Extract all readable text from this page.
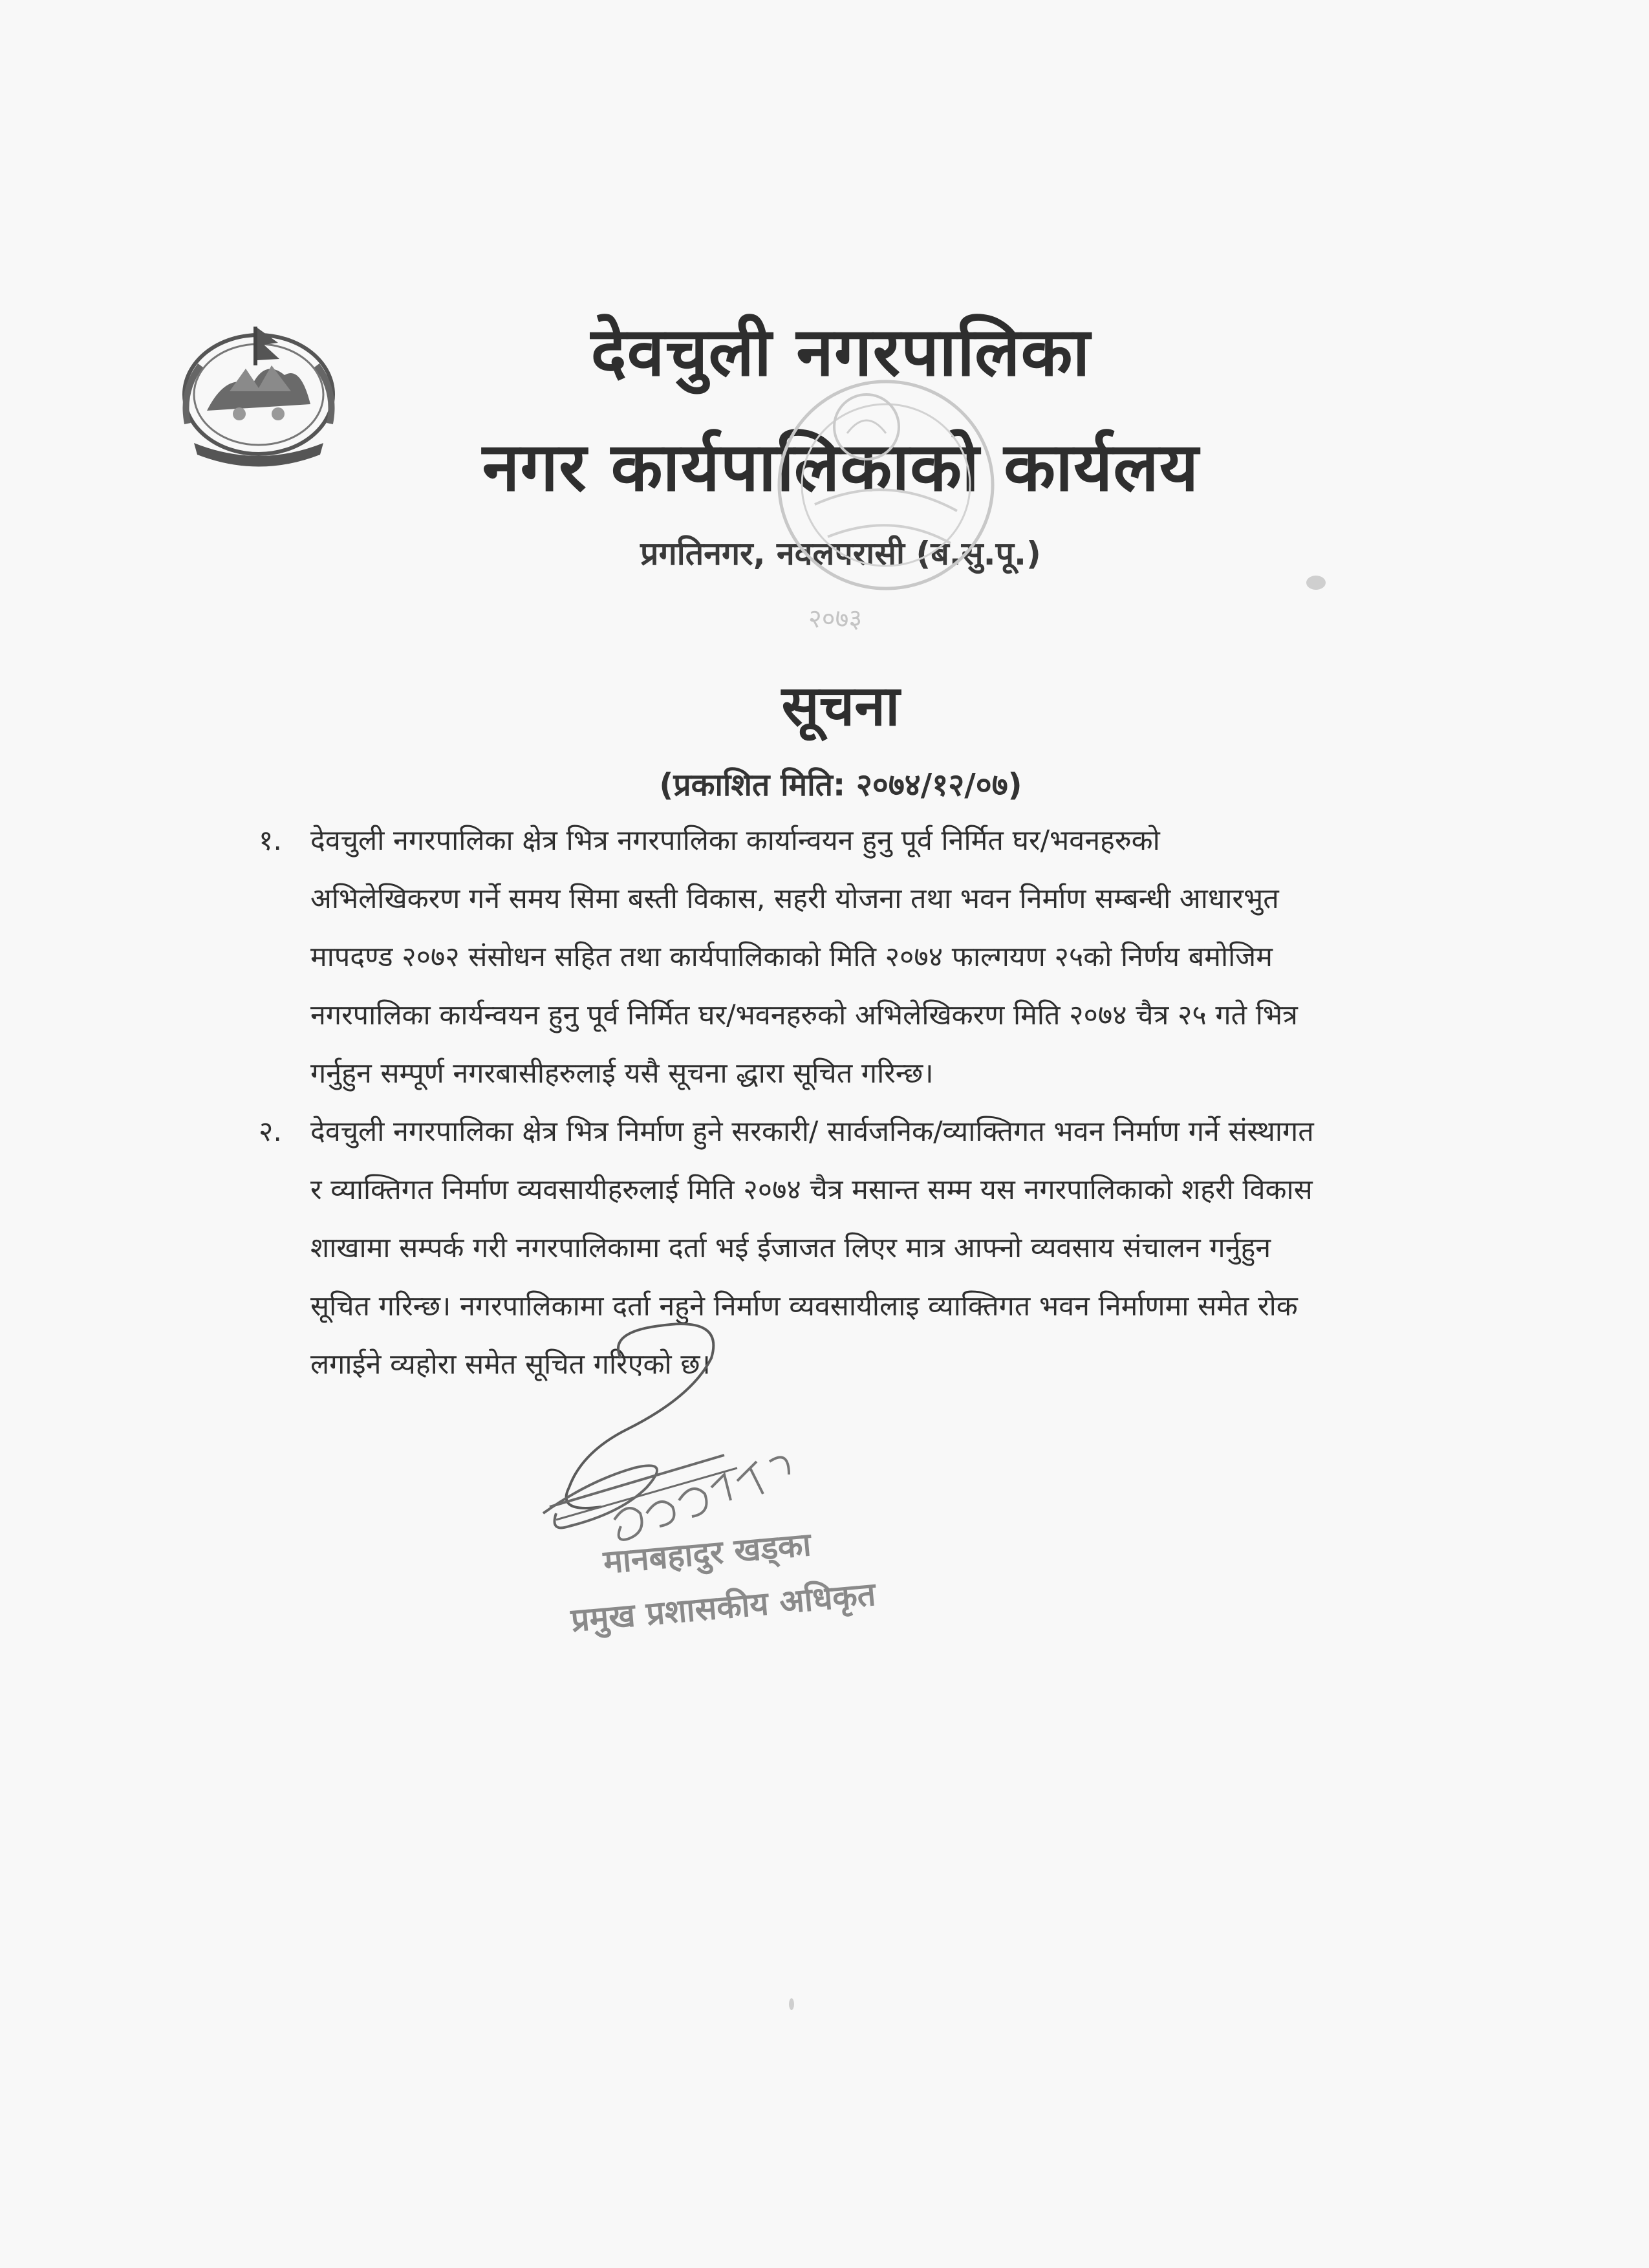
देवचुली नगरपालिका
नगर कार्यपालिकाको कार्यलय
प्रगतिनगर, नवलपरासी (ब.सु.पू.)
२०७३
सूचना
(प्रकाशित मिति: २०७४/१२/०७)
१. देवचुली नगरपालिका क्षेत्र भित्र नगरपालिका कार्यान्वयन हुनु पूर्व निर्मित घर/भवनहरुको
अभिलेखिकरण गर्ने समय सिमा बस्ती विकास, सहरी योजना तथा भवन निर्माण सम्बन्धी आधारभुत
मापदण्ड २०७२ संसोधन सहित तथा कार्यपालिकाको मिति २०७४ फाल्गयण २५को निर्णय बमोजिम
नगरपालिका कार्यन्वयन हुनु पूर्व निर्मित घर/भवनहरुको अभिलेखिकरण मिति २०७४ चैत्र २५ गते भित्र
गर्नुहुन सम्पूर्ण नगरबासीहरुलाई यसै सूचना द्धारा सूचित गरिन्छ।
२. देवचुली नगरपालिका क्षेत्र भित्र निर्माण हुने सरकारी/ सार्वजनिक/व्याक्तिगत भवन निर्माण गर्ने संस्थागत
र व्याक्तिगत निर्माण व्यवसायीहरुलाई मिति २०७४ चैत्र मसान्त सम्म यस नगरपालिकाको शहरी विकास
शाखामा सम्पर्क गरी नगरपालिकामा दर्ता भई ईजाजत लिएर मात्र आफ्नो व्यवसाय संचालन गर्नुहुन
सूचित गरिन्छ। नगरपालिकामा दर्ता नहुने निर्माण व्यवसायीलाइ व्याक्तिगत भवन निर्माणमा समेत रोक
लगाईने व्यहोरा समेत सूचित गरिएको छ।
मानबहादुर खड्का
प्रमुख प्रशासकीय अधिकृत
